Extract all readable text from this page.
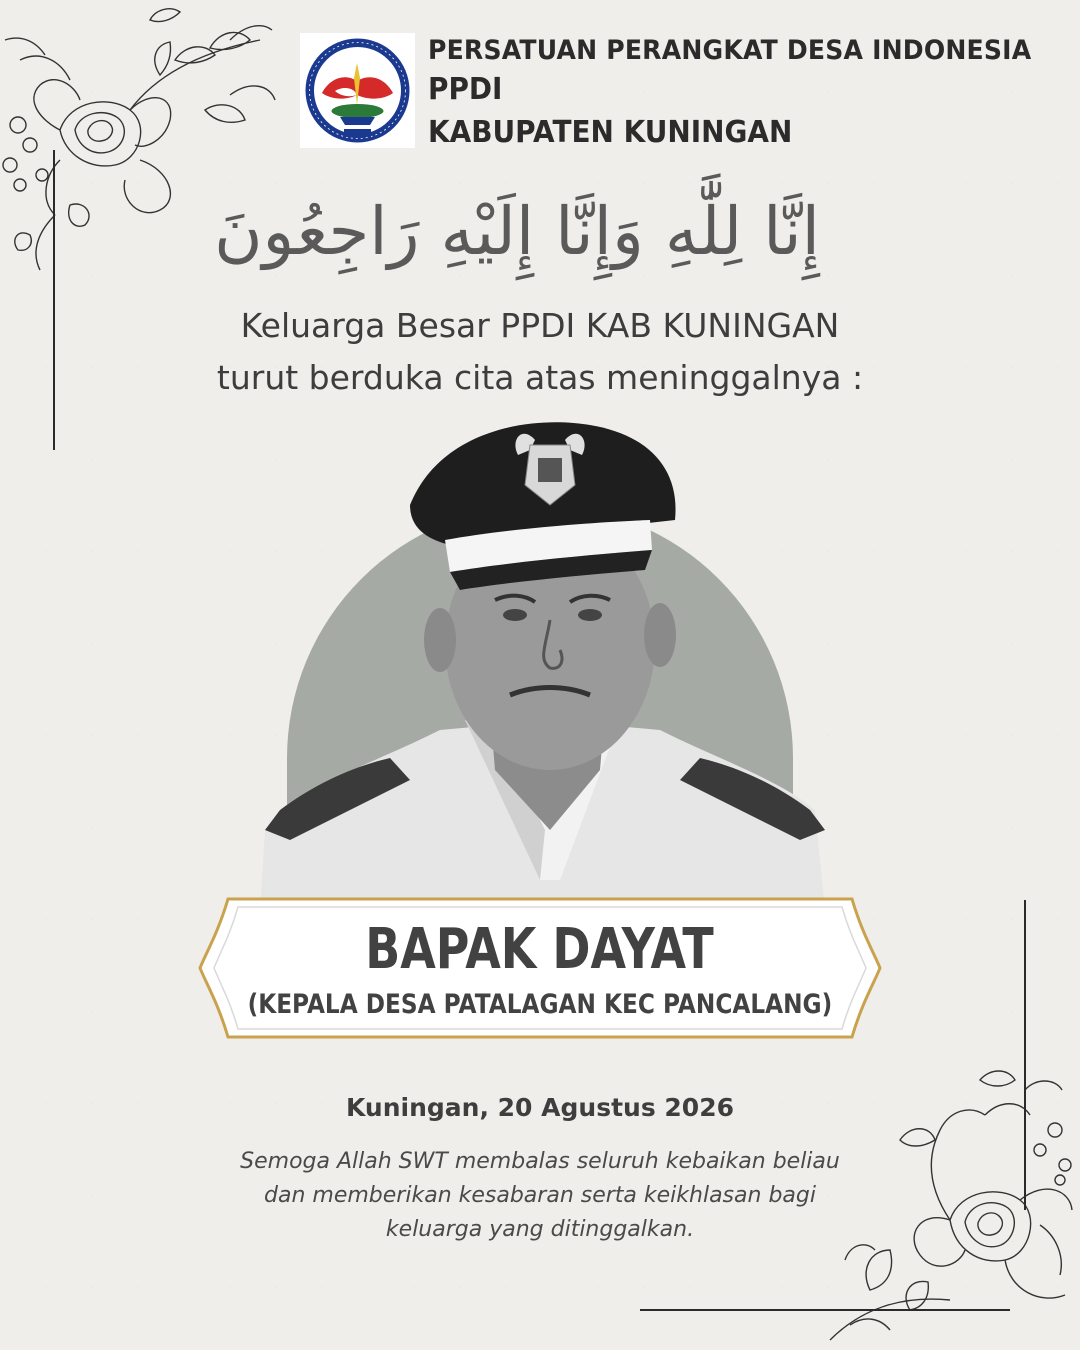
PERSATUAN PERANGKAT DESA INDONESIA
PPDI
KABUPATEN KUNINGAN
إِنَّا لِلَّٰهِ وَإِنَّا إِلَيْهِ رَاجِعُونَ
Keluarga Besar PPDI KAB KUNINGAN
turut berduka cita atas meninggalnya :
BAPAK DAYAT
(KEPALA DESA PATALAGAN KEC PANCALANG)
Kuningan, 20 Agustus 2026
Semoga Allah SWT membalas seluruh kebaikan beliau
dan memberikan kesabaran serta keikhlasan bagi
keluarga yang ditinggalkan.
